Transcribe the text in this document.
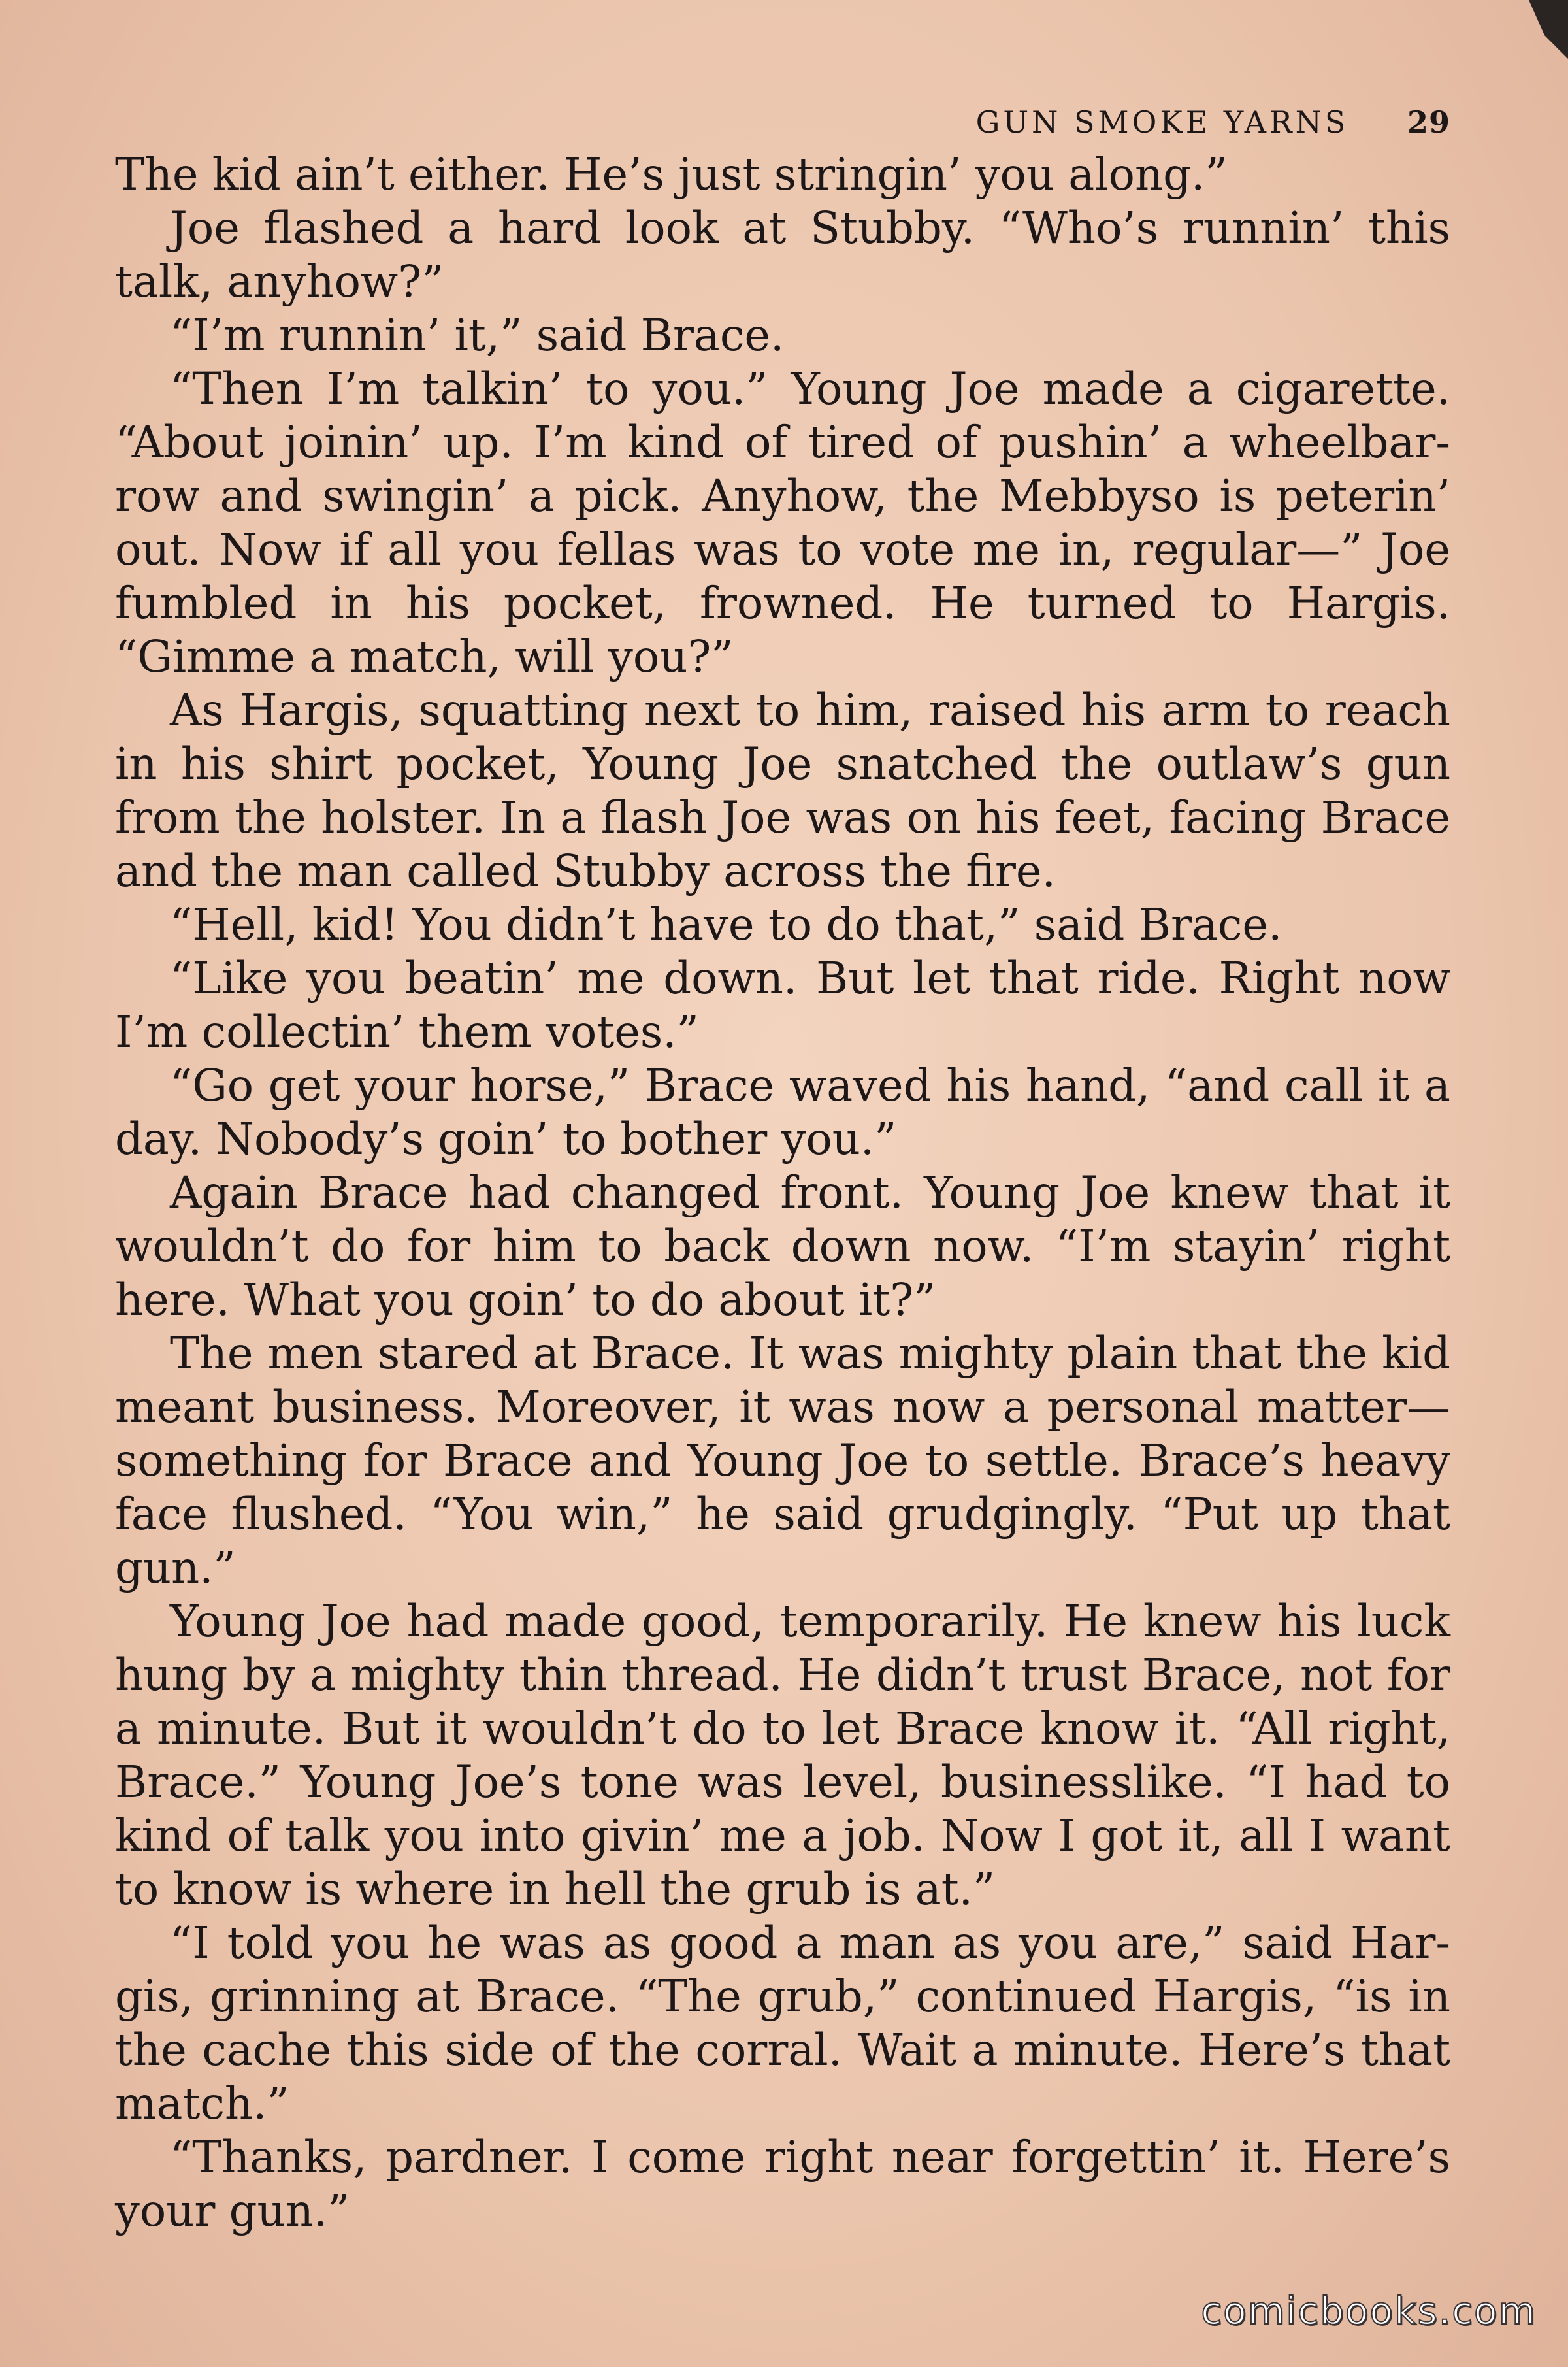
GUN SMOKE YARNS 29

The kid ain’t either. He’s just stringin’ you along.”

Joe flashed a hard look at Stubby. “Who’s runnin’ this talk, anyhow?”

“I’m runnin’ it,” said Brace.

“Then I’m talkin’ to you.” Young Joe made a cigarette. “About joinin’ up. I’m kind of tired of pushin’ a wheelbarrow and swingin’ a pick. Anyhow, the Mebbyso is peterin’ out. Now if all you fellas was to vote me in, regular—” Joe fumbled in his pocket, frowned. He turned to Hargis. “Gimme a match, will you?”

As Hargis, squatting next to him, raised his arm to reach in his shirt pocket, Young Joe snatched the outlaw’s gun from the holster. In a flash Joe was on his feet, facing Brace and the man called Stubby across the fire.

“Hell, kid! You didn’t have to do that,” said Brace.

“Like you beatin’ me down. But let that ride. Right now I’m collectin’ them votes.”

“Go get your horse,” Brace waved his hand, “and call it a day. Nobody’s goin’ to bother you.”

Again Brace had changed front. Young Joe knew that it wouldn’t do for him to back down now. “I’m stayin’ right here. What you goin’ to do about it?”

The men stared at Brace. It was mighty plain that the kid meant business. Moreover, it was now a personal matter—something for Brace and Young Joe to settle. Brace’s heavy face flushed. “You win,” he said grudgingly. “Put up that gun.”

Young Joe had made good, temporarily. He knew his luck hung by a mighty thin thread. He didn’t trust Brace, not for a minute. But it wouldn’t do to let Brace know it. “All right, Brace.” Young Joe’s tone was level, businesslike. “I had to kind of talk you into givin’ me a job. Now I got it, all I want to know is where in hell the grub is at.”

“I told you he was as good a man as you are,” said Hargis, grinning at Brace. “The grub,” continued Hargis, “is in the cache this side of the corral. Wait a minute. Here’s that match.”

“Thanks, pardner. I come right near forgettin’ it. Here’s your gun.”

comicbooks.com
